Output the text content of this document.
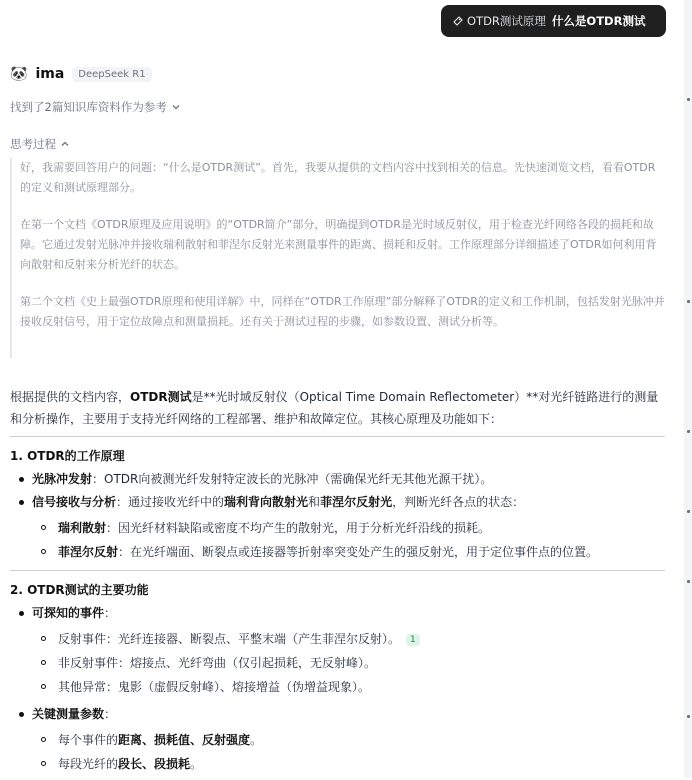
OTDR测试原理 什么是OTDR测试
🐼 ima	DeepSeek R1
找到了2篇知识库资料作为参考
思考过程

好，我需要回答用户的问题：“什么是OTDR测试”。首先，我要从提供的文档内容中找到相关的信息。先快速浏览文档，看看OTDR的定义和测试原理部分。

在第一个文档《OTDR原理及应用说明》的“OTDR简介”部分，明确提到OTDR是光时域反射仪，用于检查光纤网络各段的损耗和故障。它通过发射光脉冲并接收瑞利散射和菲涅尔反射光来测量事件的距离、损耗和反射。工作原理部分详细描述了OTDR如何利用背向散射和反射来分析光纤的状态。

第二个文档《史上最强OTDR原理和使用详解》中，同样在“OTDR工作原理”部分解释了OTDR的定义和工作机制，包括发射光脉冲并接收反射信号，用于定位故障点和测量损耗。还有关于测试过程的步骤，如参数设置、测试分析等。

根据提供的文档内容，OTDR测试是**光时域反射仪（Optical Time Domain Reflectometer）**对光纤链路进行的测量和分析操作，主要用于支持光纤网络的工程部署、维护和故障定位。其核心原理及功能如下：
1. OTDR的工作原理
光脉冲发射：OTDR向被测光纤发射特定波长的光脉冲（需确保光纤无其他光源干扰）。
信号接收与分析：通过接收光纤中的瑞利背向散射光和菲涅尔反射光，判断光纤各点的状态：
瑞利散射：因光纤材料缺陷或密度不均产生的散射光，用于分析光纤沿线的损耗。
菲涅尔反射：在光纤端面、断裂点或连接器等折射率突变处产生的强反射光，用于定位事件点的位置。
2. OTDR测试的主要功能
可探知的事件：
反射事件：光纤连接器、断裂点、平整末端（产生菲涅尔反射）。 1
非反射事件：熔接点、光纤弯曲（仅引起损耗，无反射峰）。
其他异常：鬼影（虚假反射峰）、熔接增益（伪增益现象）。
关键测量参数：
每个事件的距离、损耗值、反射强度。
每段光纤的段长、段损耗。
